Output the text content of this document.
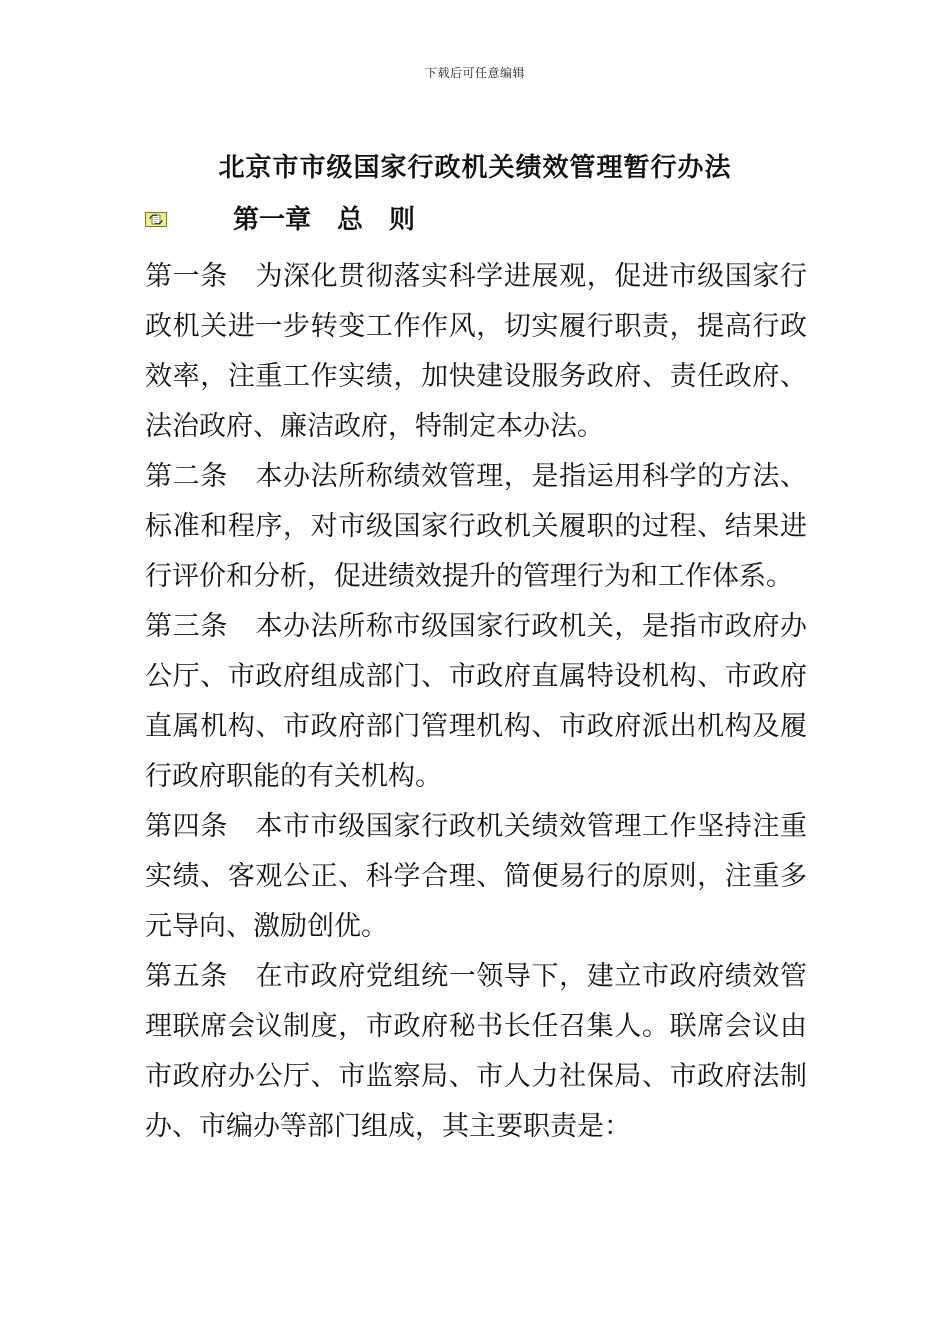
下载后可任意编辑
北京市市级国家行政机关绩效管理暂行办法
第一章　总　则

第一条 为深化贯彻落实科学进展观，促进市级国家行政机关进一步转变工作作风，切实履行职责，提高行政效率，注重工作实绩，加快建设服务政府、责任政府、法治政府、廉洁政府，特制定本办法。

第二条 本办法所称绩效管理，是指运用科学的方法、标准和程序，对市级国家行政机关履职的过程、结果进行评价和分析，促进绩效提升的管理行为和工作体系。

第三条 本办法所称市级国家行政机关，是指市政府办公厅、市政府组成部门、市政府直属特设机构、市政府直属机构、市政府部门管理机构、市政府派出机构及履行政府职能的有关机构。

第四条 本市市级国家行政机关绩效管理工作坚持注重实绩、客观公正、科学合理、简便易行的原则，注重多元导向、激励创优。

第五条 在市政府党组统一领导下，建立市政府绩效管理联席会议制度，市政府秘书长任召集人。联席会议由市政府办公厅、市监察局、市人力社保局、市政府法制办、市编办等部门组成，其主要职责是：
